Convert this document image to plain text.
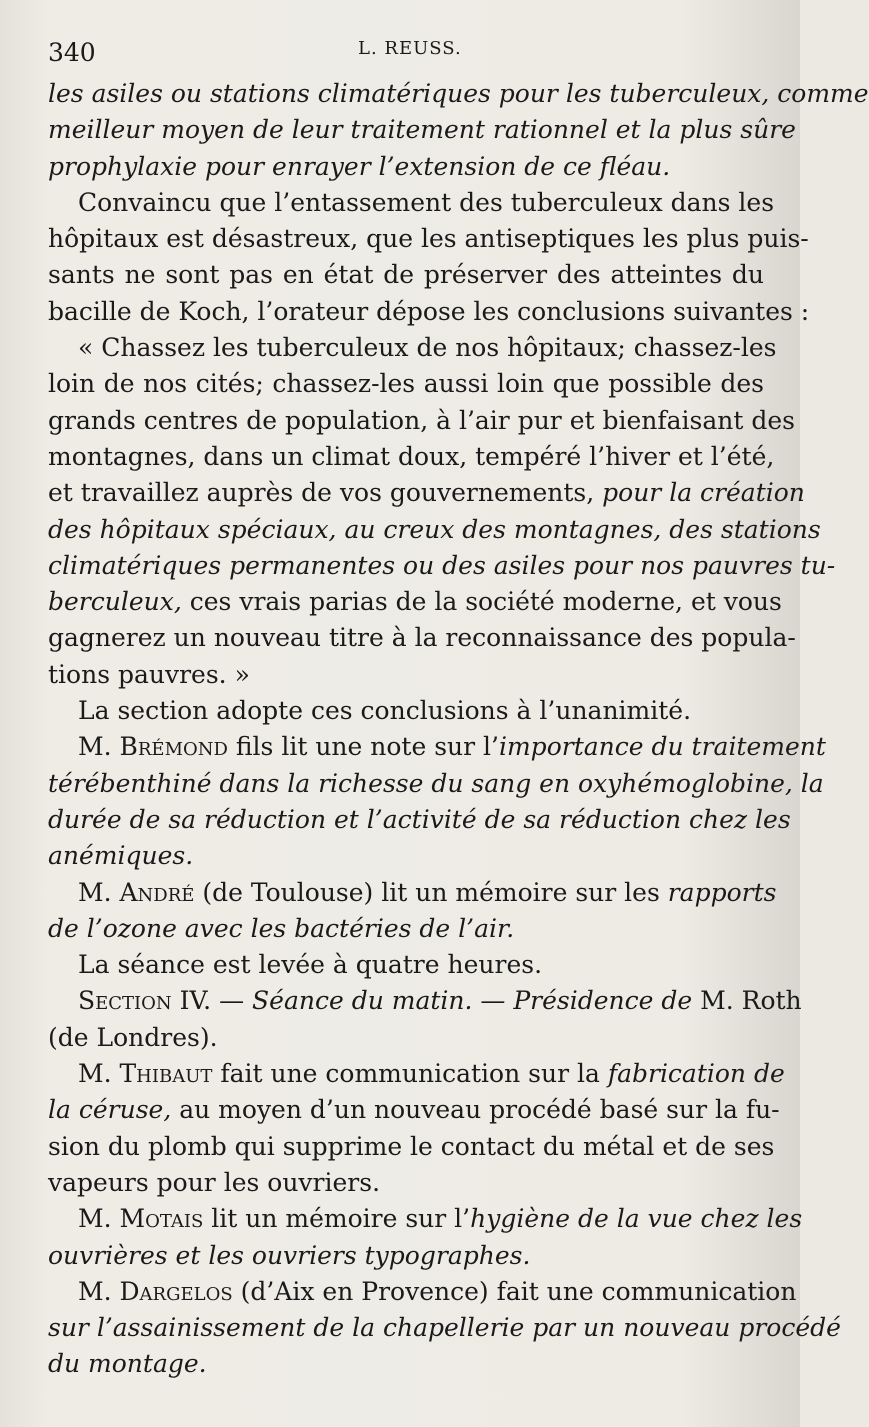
340	L. REUSS.
les asiles ou stations climatériques pour les tuberculeux, comme
meilleur moyen de leur traitement rationnel et la plus sûre
prophylaxie pour enrayer l’extension de ce fléau.
Convaincu que l’entassement des tuberculeux dans les
hôpitaux est désastreux, que les antiseptiques les plus puis-
sants ne sont pas en état de préserver des atteintes du
bacille de Koch, l’orateur dépose les conclusions suivantes :
« Chassez les tuberculeux de nos hôpitaux; chassez-les
loin de nos cités; chassez-les aussi loin que possible des
grands centres de population, à l’air pur et bienfaisant des
montagnes, dans un climat doux, tempéré l’hiver et l’été,
et travaillez auprès de vos gouvernements, pour la création
des hôpitaux spéciaux, au creux des montagnes, des stations
climatériques permanentes ou des asiles pour nos pauvres tu-
berculeux, ces vrais parias de la société moderne, et vous
gagnerez un nouveau titre à la reconnaissance des popula-
tions pauvres. »
La section adopte ces conclusions à l’unanimité.
M. Brémond fils lit une note sur l’importance du traitement
térébenthiné dans la richesse du sang en oxyhémoglobine, la
durée de sa réduction et l’activité de sa réduction chez les
anémiques.
M. André (de Toulouse) lit un mémoire sur les rapports
de l’ozone avec les bactéries de l’air.
La séance est levée à quatre heures.
Section IV. — Séance du matin. — Présidence de M. Roth
(de Londres).
M. Thibaut fait une communication sur la fabrication de
la céruse, au moyen d’un nouveau procédé basé sur la fu-
sion du plomb qui supprime le contact du métal et de ses
vapeurs pour les ouvriers.
M. Motais lit un mémoire sur l’hygiène de la vue chez les
ouvrières et les ouvriers typographes.
M. Dargelos (d’Aix en Provence) fait une communication
sur l’assainissement de la chapellerie par un nouveau procédé
du montage.
